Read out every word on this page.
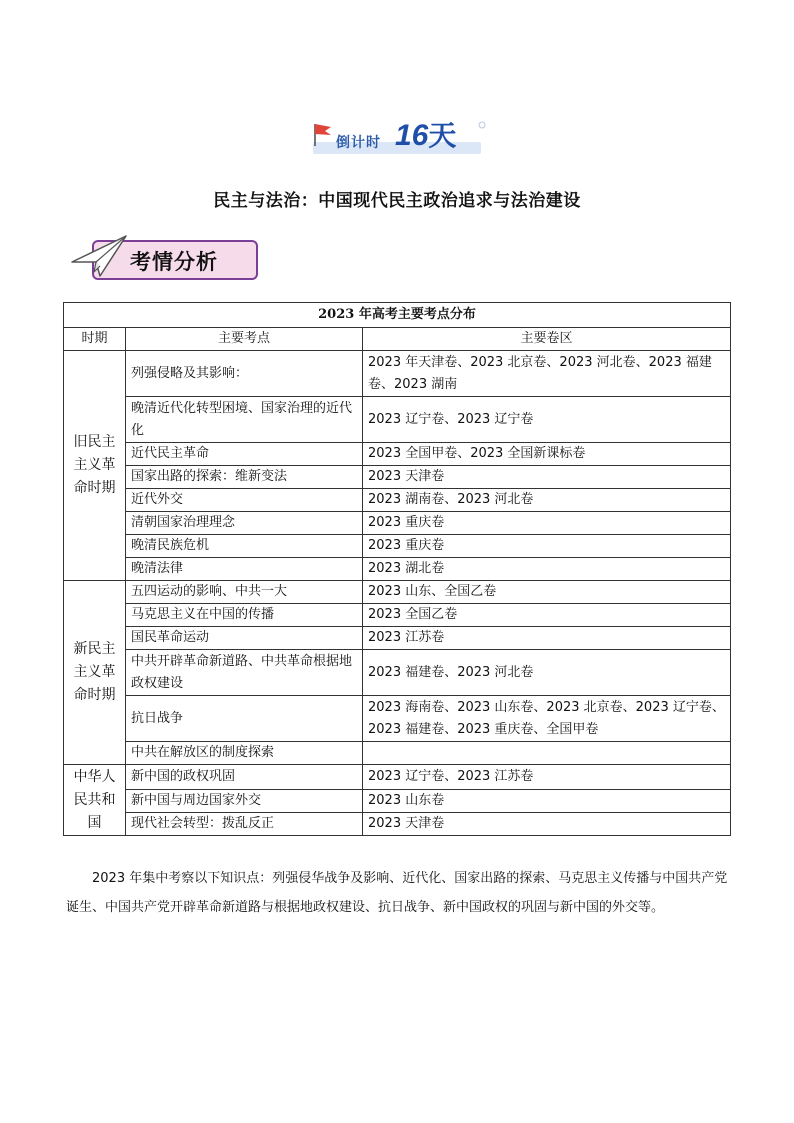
倒计时 16天
民主与法治：中国现代民主政治追求与法治建设
考情分析
2023 年高考主要考点分布		
时期	主要考点	主要卷区
旧民主
主义革
命时期	列强侵略及其影响：	2023 年天津卷、2023 北京卷、2023 河北卷、2023 福建卷、2023 湖南
	晚清近代化转型困境、国家治理的近代化	2023 辽宁卷、2023 辽宁卷
	近代民主革命	2023 全国甲卷、2023 全国新课标卷
	国家出路的探索：维新变法	2023 天津卷
	近代外交	2023 湖南卷、2023 河北卷
	清朝国家治理理念	2023 重庆卷
	晚清民族危机	2023 重庆卷
	晚清法律	2023 湖北卷
新民主
主义革
命时期	五四运动的影响、中共一大	2023 山东、全国乙卷
	马克思主义在中国的传播	2023 全国乙卷
	国民革命运动	2023 江苏卷
	中共开辟革命新道路、中共革命根据地政权建设	2023 福建卷、2023 河北卷
	抗日战争	2023 海南卷、2023 山东卷、2023 北京卷、2023 辽宁卷、2023 福建卷、2023 重庆卷、全国甲卷
	中共在解放区的制度探索	
中华人
民共和
国	新中国的政权巩固	2023 辽宁卷、2023 江苏卷
	新中国与周边国家外交	2023 山东卷
	现代社会转型：拨乱反正	2023 天津卷

2023 年集中考察以下知识点：列强侵华战争及影响、近代化、国家出路的探索、马克思主义传播与中国共产党诞生、中国共产党开辟革命新道路与根据地政权建设、抗日战争、新中国政权的巩固与新中国的外交等。
